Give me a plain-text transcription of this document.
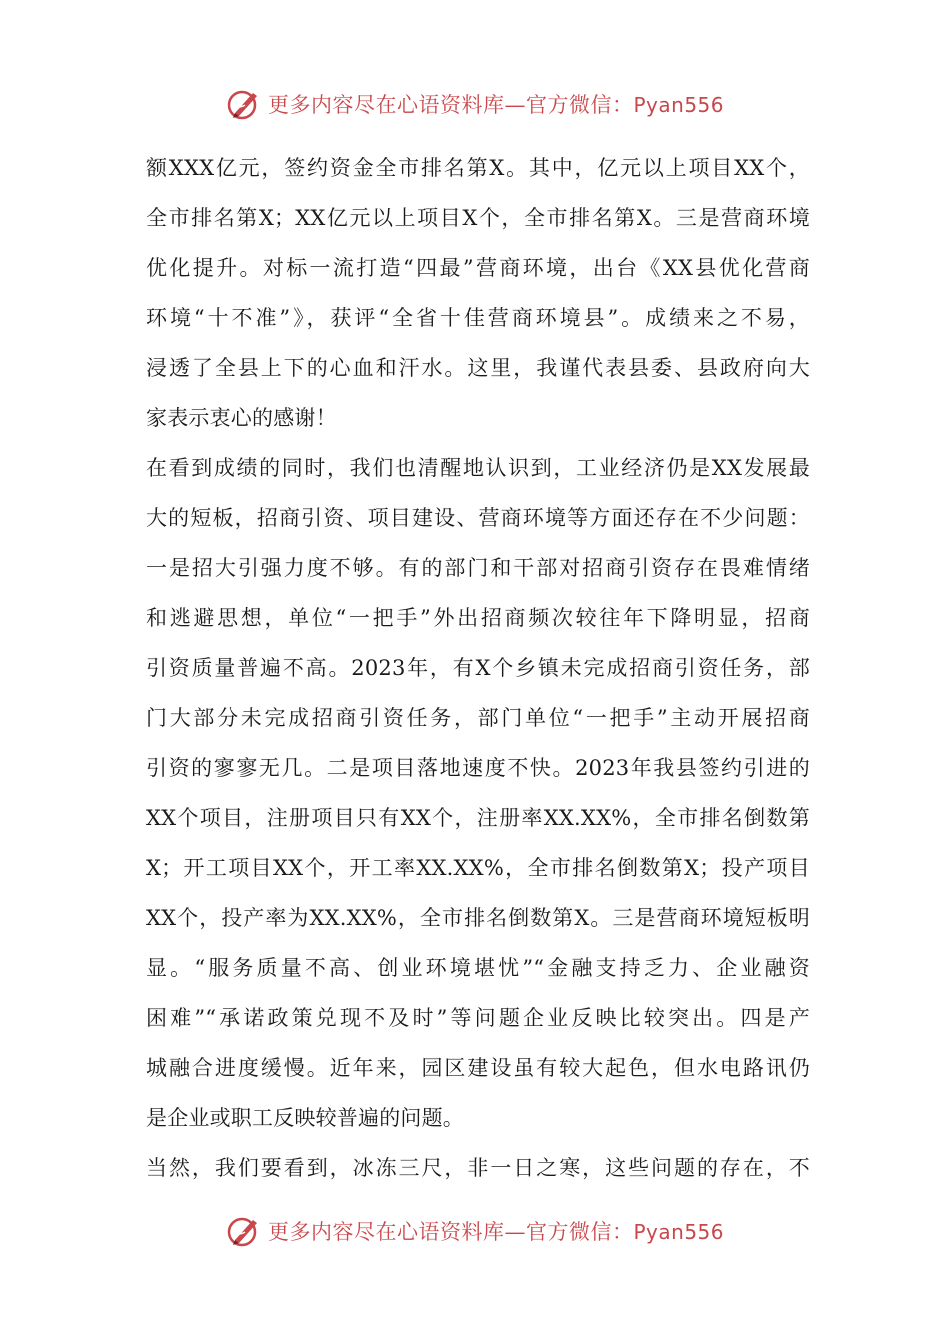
更多内容尽在心语资料库—官方微信：Pyan556
额XXX亿元，签约资金全市排名第X。其中，亿元以上项目XX个，
全市排名第X；XX亿元以上项目X个，全市排名第X。三是营商环境
优化提升。对标一流打造“四最”营商环境，出台《XX县优化营商
环境“十不准”》，获评“全省十佳营商环境县”。成绩来之不易，
浸透了全县上下的心血和汗水。这里，我谨代表县委、县政府向大
家表示衷心的感谢！
在看到成绩的同时，我们也清醒地认识到，工业经济仍是XX发展最
大的短板，招商引资、项目建设、营商环境等方面还存在不少问题：
一是招大引强力度不够。有的部门和干部对招商引资存在畏难情绪
和逃避思想，单位“一把手”外出招商频次较往年下降明显，招商
引资质量普遍不高。2023年，有X个乡镇未完成招商引资任务，部
门大部分未完成招商引资任务，部门单位“一把手”主动开展招商
引资的寥寥无几。二是项目落地速度不快。2023年我县签约引进的
XX个项目，注册项目只有XX个，注册率XX.XX%，全市排名倒数第
X；开工项目XX个，开工率XX.XX%，全市排名倒数第X；投产项目
XX个，投产率为XX.XX%，全市排名倒数第X。三是营商环境短板明
显。“服务质量不高、创业环境堪忧”“金融支持乏力、企业融资
困难”“承诺政策兑现不及时”等问题企业反映比较突出。四是产
城融合进度缓慢。近年来，园区建设虽有较大起色，但水电路讯仍
是企业或职工反映较普遍的问题。
当然，我们要看到，冰冻三尺，非一日之寒，这些问题的存在，不
更多内容尽在心语资料库—官方微信：Pyan556
